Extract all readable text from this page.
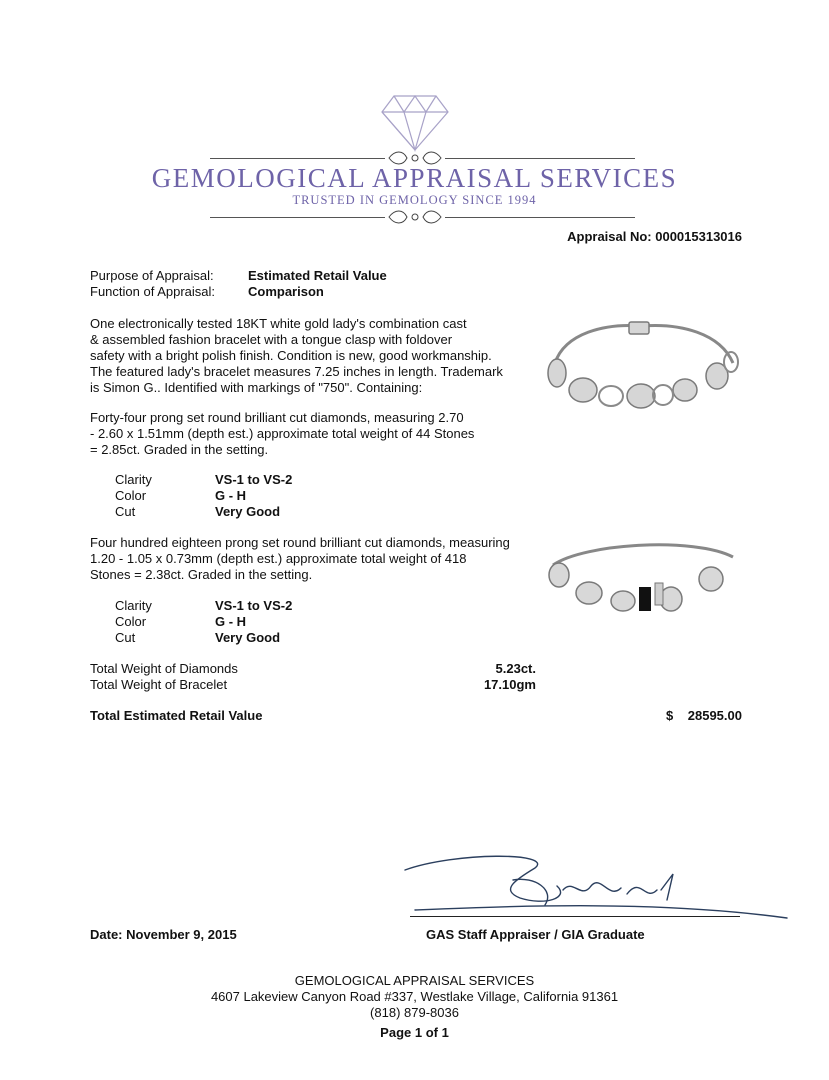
GEMOLOGICAL APPRAISAL SERVICES
TRUSTED IN GEMOLOGY SINCE 1994
Appraisal No: 000015313016
Purpose of Appraisal:	Estimated Retail Value
Function of Appraisal:	Comparison
One electronically tested 18KT white gold lady's combination cast
& assembled fashion bracelet with a tongue clasp with foldover
safety with a bright polish finish. Condition is new, good workmanship.
The featured lady's bracelet measures 7.25 inches in length. Trademark
is Simon G.. Identified with markings of "750". Containing:
Forty-four prong set round brilliant cut diamonds, measuring 2.70
- 2.60 x 1.51mm (depth est.) approximate total weight of 44 Stones
= 2.85ct. Graded in the setting.
Clarity	VS-1 to VS-2
Color	G - H
Cut	Very Good
Four hundred eighteen prong set round brilliant cut diamonds, measuring
1.20 - 1.05 x 0.73mm (depth est.) approximate total weight of 418
Stones = 2.38ct. Graded in the setting.
Clarity	VS-1 to VS-2
Color	G - H
Cut	Very Good
Total Weight of Diamonds	5.23ct.
Total Weight of Bracelet	17.10gm
Total Estimated Retail Value	$	28595.00
Date: November 9, 2015	GAS Staff Appraiser / GIA Graduate
GEMOLOGICAL APPRAISAL SERVICES
4607 Lakeview Canyon Road #337, Westlake Village, California 91361
(818) 879-8036
Page 1 of 1
